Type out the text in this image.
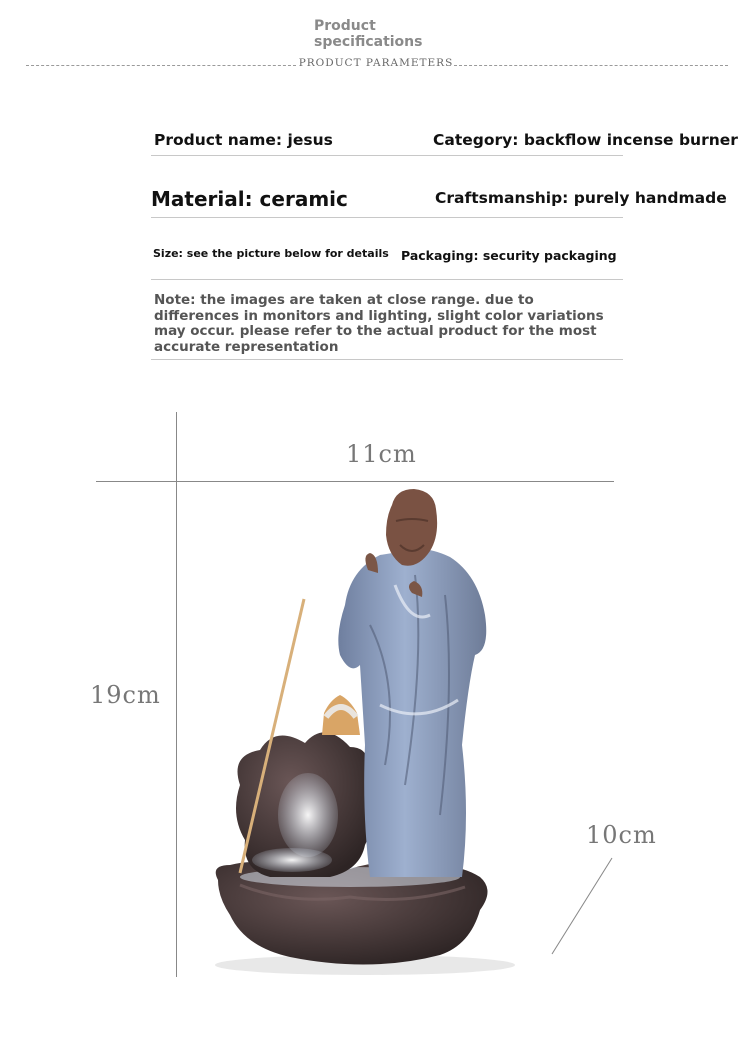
Product specifications
PRODUCT PARAMETERS
Product name: jesus	Category: backflow incense burner
Material: ceramic	Craftsmanship: purely handmade
Size: see the picture below for details Packaging: security packaging
Note: the images are taken at close range. due to differences in monitors and lighting, slight color variations may occur. please refer to the actual product for the most accurate representation
11cm
19cm
10cm
